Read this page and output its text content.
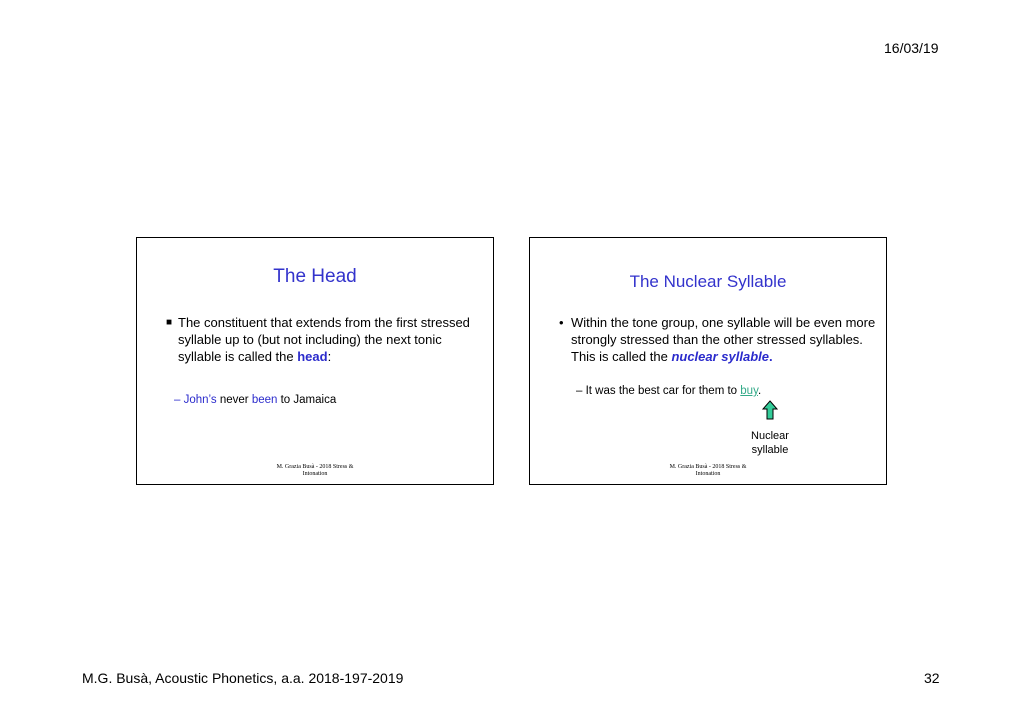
16/03/19
The Head
■ The constituent that extends from the first stressed syllable up to (but not including) the next tonic syllable is called the head:
– John’s never been to Jamaica
M. Grazia Busà - 2018 Stress &
Intonation
The Nuclear Syllable
• Within the tone group, one syllable will be even more strongly stressed than the other stressed syllables. This is called the nuclear syllable.
– It was the best car for them to buy.
Nuclear
syllable
M. Grazia Busà - 2018 Stress &
Intonation
M.G. Busà, Acoustic Phonetics, a.a. 2018-197-2019	32
